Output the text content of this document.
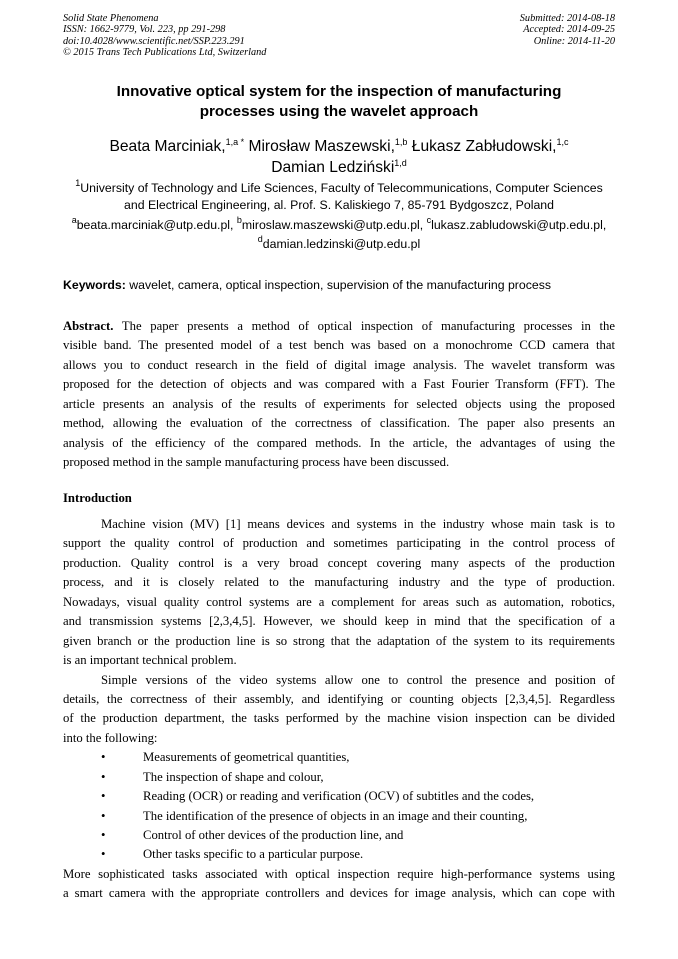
Solid State Phenomena
ISSN: 1662-9779, Vol. 223, pp 291-298
doi:10.4028/www.scientific.net/SSP.223.291
© 2015 Trans Tech Publications Ltd, Switzerland
Submitted: 2014-08-18
Accepted: 2014-09-25
Online: 2014-11-20
Innovative optical system for the inspection of manufacturing
processes using the wavelet approach
Beata Marciniak,$^{1,a *}$ Mirosław Maszewski,$^{1,b}$ Łukasz Zabłudowski,$^{1,c}$
Damian Ledziński$^{1,d}$
$^1$University of Technology and Life Sciences, Faculty of Telecommunications, Computer Sciences
and Electrical Engineering, al. Prof. S. Kaliskiego 7, 85-791 Bydgoszcz, Poland
$^a$beata.marciniak@utp.edu.pl, $^b$miroslaw.maszewski@utp.edu.pl, $^c$lukasz.zabludowski@utp.edu.pl,
$^d$damian.ledzinski@utp.edu.pl
Keywords: wavelet, camera, optical inspection, supervision of the manufacturing process
Abstract. The paper presents a method of optical inspection of manufacturing processes in the
visible band. The presented model of a test bench was based on a monochrome CCD camera that
allows you to conduct research in the field of digital image analysis. The wavelet transform was
proposed for the detection of objects and was compared with a Fast Fourier Transform (FFT). The
article presents an analysis of the results of experiments for selected objects using the proposed
method, allowing the evaluation of the correctness of classification. The paper also presents an
analysis of the efficiency of the compared methods. In the article, the advantages of using the
proposed method in the sample manufacturing process have been discussed.
Introduction
Machine vision (MV) [1] means devices and systems in the industry whose main task is to
support the quality control of production and sometimes participating in the control process of
production. Quality control is a very broad concept covering many aspects of the production
process, and it is closely related to the manufacturing industry and the type of production.
Nowadays, visual quality control systems are a complement for areas such as automation, robotics,
and transmission systems [2,3,4,5]. However, we should keep in mind that the specification of a
given branch or the production line is so strong that the adaptation of the system to its requirements
is an important technical problem.
Simple versions of the video systems allow one to control the presence and position of
details, the correctness of their assembly, and identifying or counting objects [2,3,4,5]. Regardless
of the production department, the tasks performed by the machine vision inspection can be divided
into the following:
•	Measurements of geometrical quantities,
•	The inspection of shape and colour,
•	Reading (OCR) or reading and verification (OCV) of subtitles and the codes,
•	The identification of the presence of objects in an image and their counting,
•	Control of other devices of the production line, and
•	Other tasks specific to a particular purpose.
More sophisticated tasks associated with optical inspection require high-performance systems using
a smart camera with the appropriate controllers and devices for image analysis, which can cope with
